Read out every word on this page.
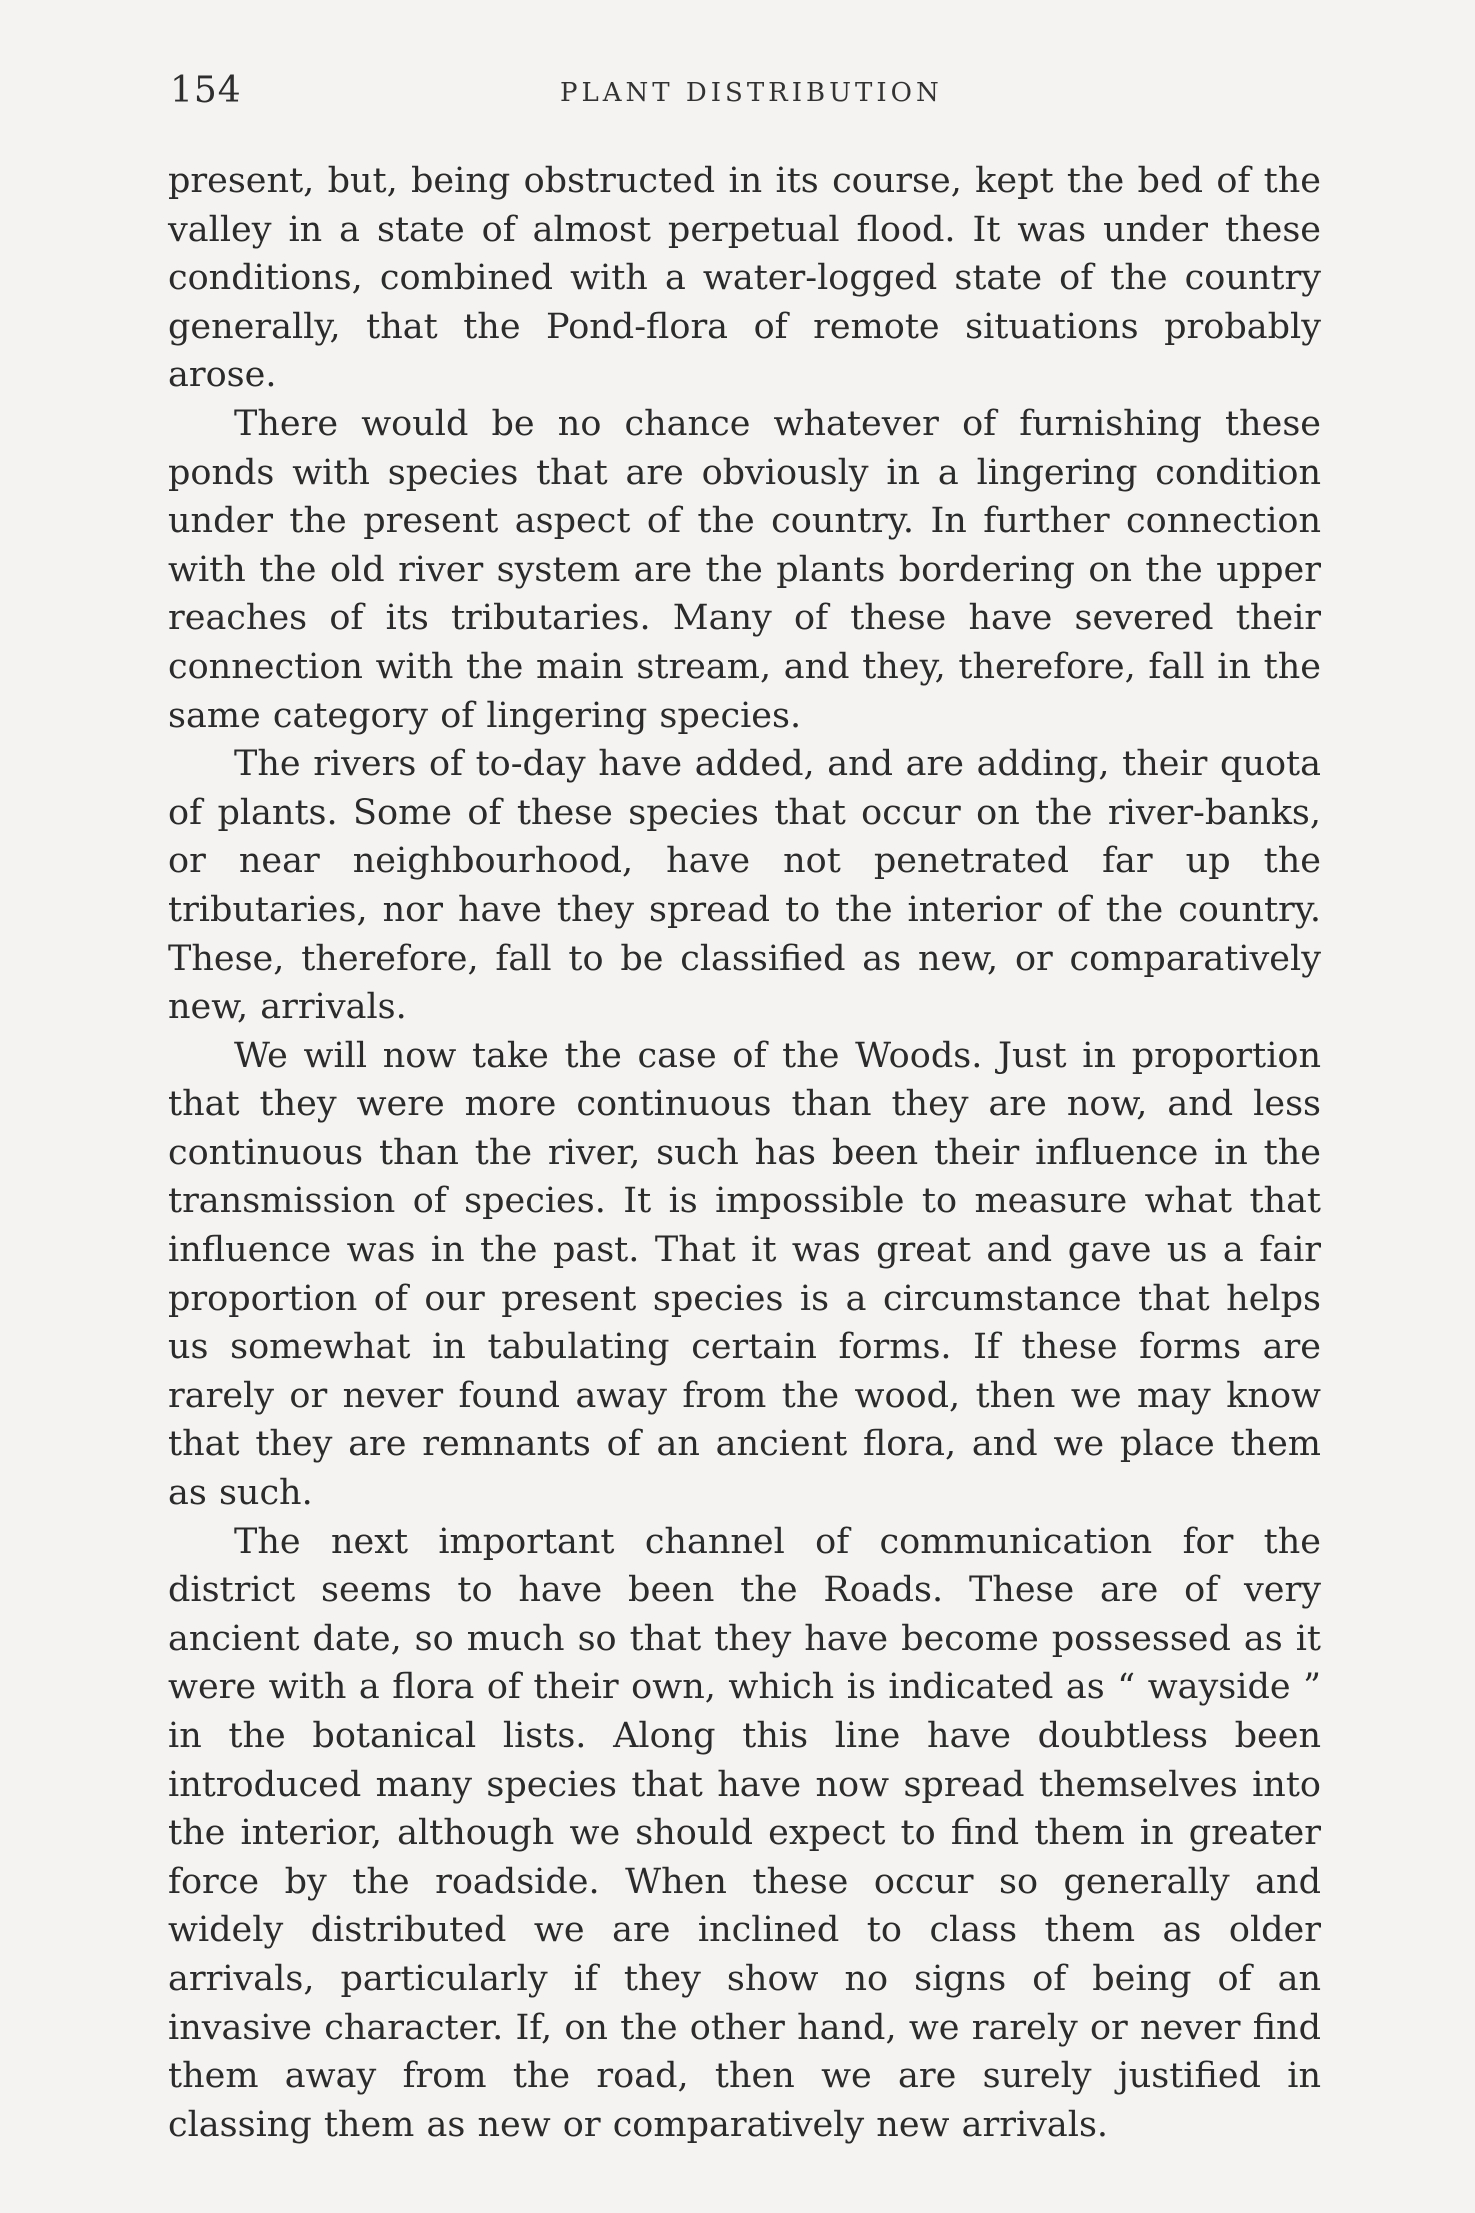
154	PLANT DISTRIBUTION

present, but, being obstructed in its course, kept the bed of the valley in a state of almost perpetual flood. It was under these conditions, combined with a water-logged state of the country generally, that the Pond-flora of remote situations probably arose.

There would be no chance whatever of furnishing these ponds with species that are obviously in a lingering condition under the present aspect of the country. In further connection with the old river system are the plants bordering on the upper reaches of its tributaries. Many of these have severed their connection with the main stream, and they, therefore, fall in the same category of lingering species.

The rivers of to-day have added, and are adding, their quota of plants. Some of these species that occur on the river-banks, or near neighbourhood, have not penetrated far up the tributaries, nor have they spread to the interior of the country. These, therefore, fall to be classified as new, or comparatively new, arrivals.

We will now take the case of the Woods. Just in proportion that they were more continuous than they are now, and less continuous than the river, such has been their influence in the transmission of species. It is impossible to measure what that influence was in the past. That it was great and gave us a fair proportion of our present species is a circumstance that helps us somewhat in tabulating certain forms. If these forms are rarely or never found away from the wood, then we may know that they are remnants of an ancient flora, and we place them as such.

The next important channel of communication for the district seems to have been the Roads. These are of very ancient date, so much so that they have become possessed as it were with a flora of their own, which is indicated as “ wayside ” in the botanical lists. Along this line have doubtless been introduced many species that have now spread themselves into the interior, although we should expect to find them in greater force by the roadside. When these occur so generally and widely distributed we are inclined to class them as older arrivals, particularly if they show no signs of being of an invasive character. If, on the other hand, we rarely or never find them away from the road, then we are surely justified in classing them as new or comparatively new arrivals.
